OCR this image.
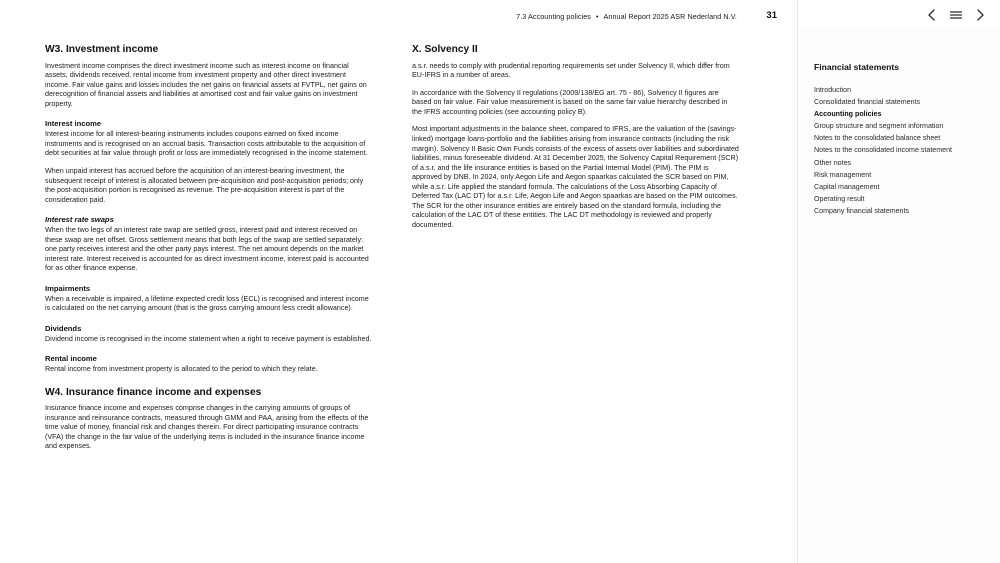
7.3 Accounting policies • Annual Report 2025 ASR Nederland N.V.	31
W3. Investment income

Investment income comprises the direct investment income such as interest income on financial assets, dividends received, rental income from investment property and other direct investment income. Fair value gains and losses includes the net gains on financial assets at FVTPL, net gains on derecognition of financial assets and liabilities at amortised cost and fair value gains on investment property.

Interest income

Interest income for all interest-bearing instruments includes coupons earned on fixed income instruments and is recognised on an accrual basis. Transaction costs attributable to the acquisition of debt securities at fair value through profit or loss are immediately recognised in the income statement.

When unpaid interest has accrued before the acquisition of an interest-bearing investment, the subsequent receipt of interest is allocated between pre-acquisition and post-acquisition periods; only the post-acquisition portion is recognised as revenue. The pre-acquisition interest is part of the consideration paid.

Interest rate swaps

When the two legs of an interest rate swap are settled gross, interest paid and interest received on these swap are net offset. Gross settlement means that both legs of the swap are settled separately: one party receives interest and the other party pays interest. The net amount depends on the market interest rate. Interest received is accounted for as direct investment income, interest paid is accounted for as other finance expense.

Impairments

When a receivable is impaired, a lifetime expected credit loss (ECL) is recognised and interest income is calculated on the net carrying amount (that is the gross carrying amount less credit allowance).

Dividends

Dividend income is recognised in the income statement when a right to receive payment is established.

Rental income

Rental income from investment property is allocated to the period to which they relate.

W4. Insurance finance income and expenses

Insurance finance income and expenses comprise changes in the carrying amounts of groups of insurance and reinsurance contracts, measured through GMM and PAA, arising from the effects of the time value of money, financial risk and changes therein. For direct participating insurance contracts (VFA) the change in the fair value of the underlying items is included in the insurance finance income and expenses.

X. Solvency II

a.s.r. needs to comply with prudential reporting requirements set under Solvency II, which differ from EU-IFRS in a number of areas.

In accordance with the Solvency II regulations (2009/138/EG art. 75 - 86), Solvency II figures are based on fair value. Fair value measurement is based on the same fair value hierarchy described in the IFRS accounting policies (see accounting policy B).

Most important adjustments in the balance sheet, compared to IFRS, are the valuation of the (savings-linked) mortgage loans-portfolio and the liabilities arising from insurance contracts (including the risk margin). Solvency II Basic Own Funds consists of the excess of assets over liabilities and subordinated liabilities, minus foreseeable dividend. At 31 December 2025, the Solvency Capital Requirement (SCR) of a.s.r. and the life insurance entities is based on the Partial Internal Model (PIM). The PIM is approved by DNB. In 2024, only Aegon Life and Aegon spaarkas calculated the SCR based on PIM, while a.s.r. Life applied the standard formula. The calculations of the Loss Absorbing Capacity of Deferred Tax (LAC DT) for a.s.r. Life, Aegon Life and Aegon spaarkas are based on the PIM outcomes. The SCR for the other insurance entities are entirely based on the standard formula, including the calculation of the LAC DT of these entities. The LAC DT methodology is reviewed and properly documented.

Financial statements
Introduction
Consolidated financial statements
Accounting policies
Group structure and segment information
Notes to the consolidated balance sheet
Notes to the consolidated income statement
Other notes
Risk management
Capital management
Operating result
Company financial statements
